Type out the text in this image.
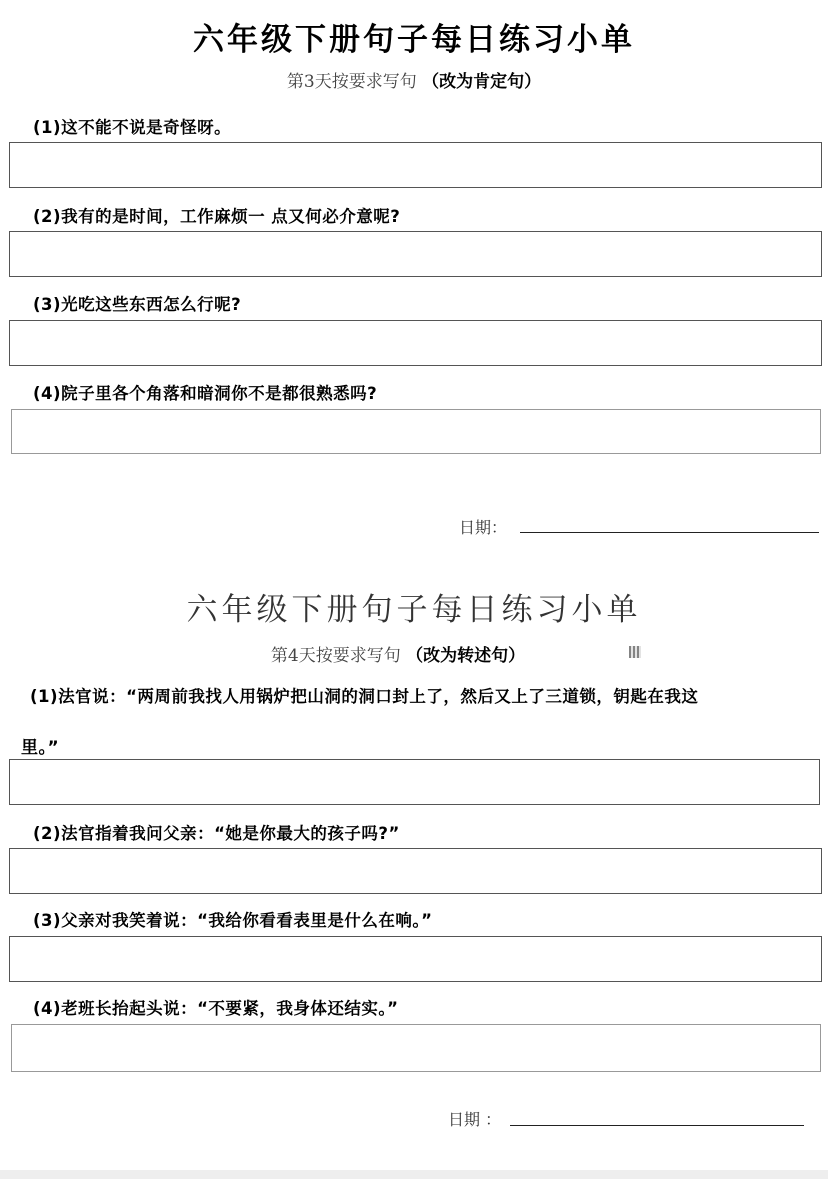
六年级下册句子每日练习小单
第3天按要求写句 （改为肯定句）
(1)这不能不说是奇怪呀。
(2)我有的是时间，工作麻烦一 点又何必介意呢?
(3)光吃这些东西怎么行呢?
(4)院子里各个角落和暗洞你不是都很熟悉吗?
日期：
六年级下册句子每日练习小单
第4天按要求写句 （改为转述句）
(1)法官说：“两周前我找人用锅炉把山洞的洞口封上了，然后又上了三道锁，钥匙在我这
里。”
(2)法官指着我问父亲：“她是你最大的孩子吗?”
(3)父亲对我笑着说：“我给你看看表里是什么在响。”
(4)老班长抬起头说：“不要紧，我身体还结实。”
日期 ：
